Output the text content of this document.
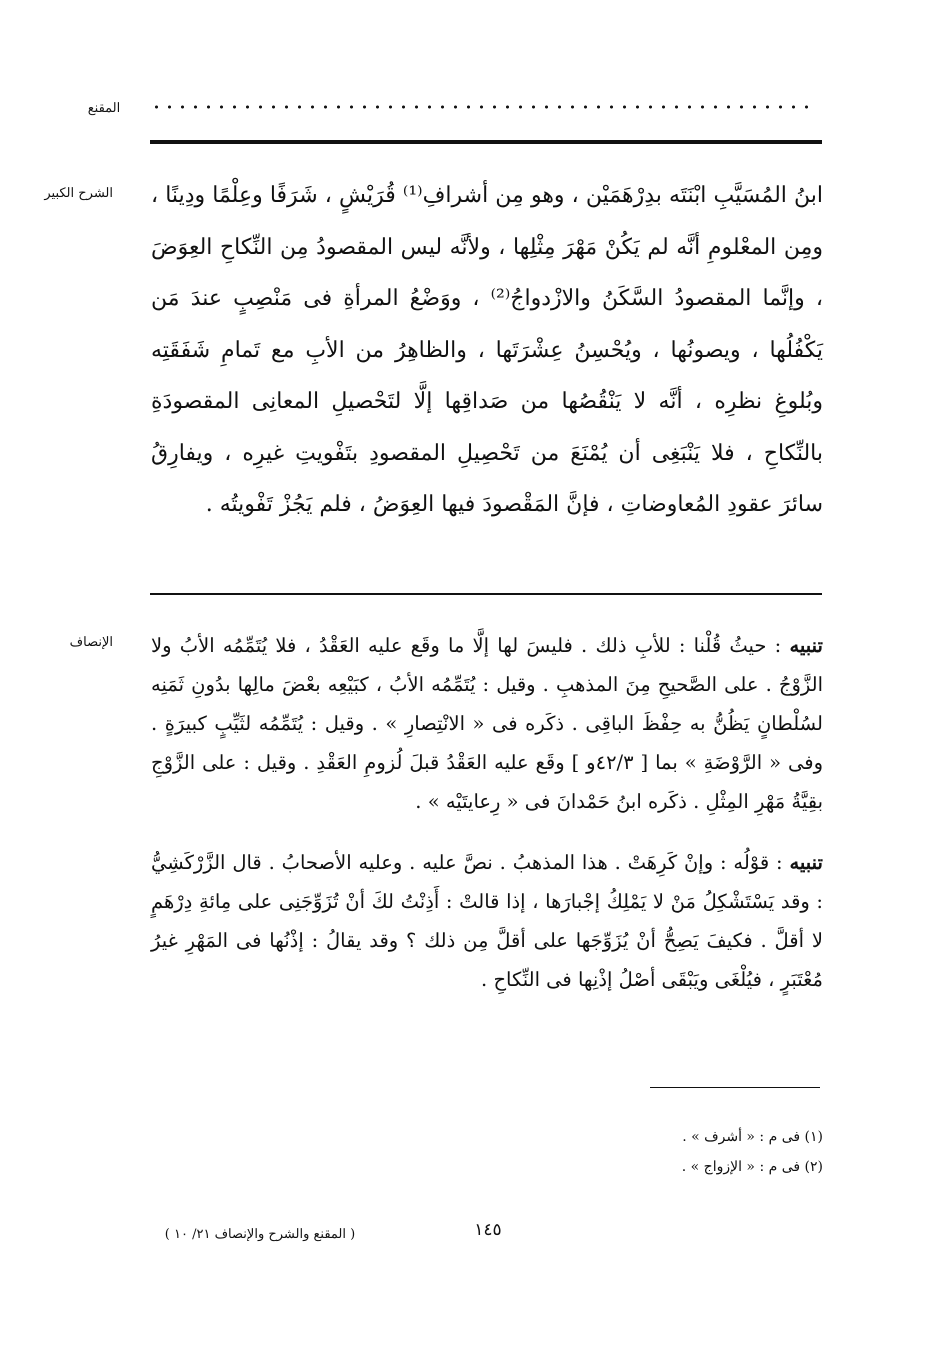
المقنع
الشرح الكبير ابنُ المُسَيَّبِ ابْنَتَه بدِرْهَمَيْن ، وهو مِن أشرافِ⁽¹⁾ قُرَيْشٍ ، شَرَفًا وعِلْمًا ودِينًا ، ومِن المعْلومِ أنَّه لم يَكُنْ مَهْرَ مِثْلِها ، ولأنَّه ليس المقصودُ مِن النِّكاحِ العِوَضَ ، وإنَّما المقصودُ السَّكَنُ والازْدواجُ⁽²⁾ ، ووَضْعُ المرأةِ فى مَنْصِبٍ عندَ مَن يَكْفُلُها ، ويصونُها ، ويُحْسِنُ عِشْرَتَها ، والظاهِرُ من الأبِ مع تَمامِ شَفَقَتِه وبُلوغِ نظرِه ، أنَّه لا يَنْقُصُها من صَداقِها إلَّا لتَحْصيلِ المعانِى المقصودَةِ بالنِّكاحِ ، فلا يَنْبَغِى أن يُمْنَعَ من تَحْصِيلِ المقصودِ بتَفْويتِ غيرِه ، ويفارِقُ سائرَ عقودِ المُعاوضاتِ ، فإنَّ المَقْصودَ فيها العِوَضُ ، فلم يَجُزْ تَفْويتُه .

الإنصاف	تنبيه : حيثُ قُلْنا : للأبِ ذلك . فليسَ لها إلَّا ما وقَع عليه العَقْدُ ، فلا يُتَمِّمُه الأبُ ولا الزَّوْجُ . على الصَّحيحِ مِنَ المذهبِ . وقيل : يُتَمِّمُه الأبُ ، كبَيْعِه بعْضَ مالِها بدُونِ ثَمَنِه لسُلْطانٍ يَظُنُّ به حِفْظَ الباقِى . ذكَره فى « الانْتِصارِ » . وقيل : يُتَمِّمُه لثَيِّبٍ كبيرَةٍ . وفى « الرَّوْضَةِ » بما [ ٤٢/٣و ] وقَع عليه العَقْدُ قبلَ لُزومِ العَقْدِ . وقيل : على الزَّوْجِ بقِيَّةُ مَهْرِ المِثْلِ . ذكَره ابنُ حَمْدانَ فى « رِعايتَيْه » .

تنبيه : قوْلُه : وإنْ كَرِهَتْ . هذا المذهبُ . نصَّ عليه . وعليه الأصحابُ . قال الزَّرْكَشِيُّ : وقد يَسْتَشْكِلُ مَنْ لا يَمْلِكُ إجْبارَها ، إذا قالتْ : أَذِنْتُ لكَ أنْ تُزَوِّجَنِى على مِائةِ دِرْهَمٍ لا أقلَّ . فكيفَ يَصِحُّ أنْ يُزَوِّجَها على أقلَّ مِن ذلك ؟ وقد يقالُ : إذْنُها فى المَهْرِ غيرُ مُعْتَبَرٍ ، فيُلْغَى ويَبْقَى أصْلُ إذْنِها فى النِّكاحِ .

(١) فى م : « أشرف » .
(٢) فى م : « الإزواج » .
( المقنع والشرح والإنصاف ٢١/ ١٠ )	١٤٥
